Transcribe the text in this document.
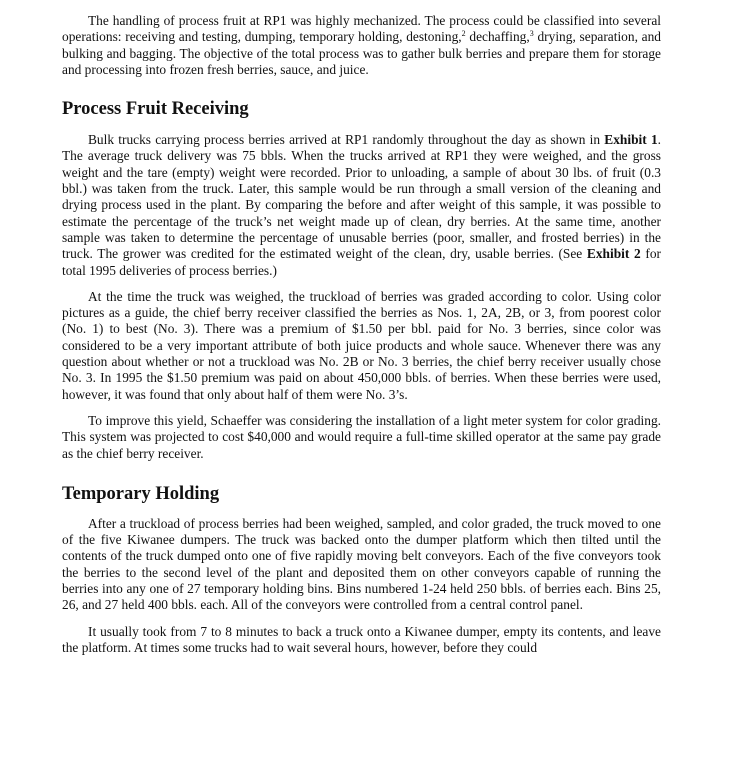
The handling of process fruit at RP1 was highly mechanized. The process could be classified into several operations: receiving and testing, dumping, temporary holding, destoning,$^2$ dechaffing,$^3$ drying, separation, and bulking and bagging. The objective of the total process was to gather bulk berries and prepare them for storage and processing into frozen fresh berries, sauce, and juice.

Process Fruit Receiving

Bulk trucks carrying process berries arrived at RP1 randomly throughout the day as shown in Exhibit 1. The average truck delivery was 75 bbls. When the trucks arrived at RP1 they were weighed, and the gross weight and the tare (empty) weight were recorded. Prior to unloading, a sample of about 30 lbs. of fruit (0.3 bbl.) was taken from the truck. Later, this sample would be run through a small version of the cleaning and drying process used in the plant. By comparing the before and after weight of this sample, it was possible to estimate the percentage of the truck’s net weight made up of clean, dry berries. At the same time, another sample was taken to determine the percentage of unusable berries (poor, smaller, and frosted berries) in the truck. The grower was credited for the estimated weight of the clean, dry, usable berries. (See Exhibit 2 for total 1995 deliveries of process berries.)

At the time the truck was weighed, the truckload of berries was graded according to color. Using color pictures as a guide, the chief berry receiver classified the berries as Nos. 1, 2A, 2B, or 3, from poorest color (No. 1) to best (No. 3). There was a premium of $1.50 per bbl. paid for No. 3 berries, since color was considered to be a very important attribute of both juice products and whole sauce. Whenever there was any question about whether or not a truckload was No. 2B or No. 3 berries, the chief berry receiver usually chose No. 3. In 1995 the $1.50 premium was paid on about 450,000 bbls. of berries. When these berries were used, however, it was found that only about half of them were No. 3’s.

To improve this yield, Schaeffer was considering the installation of a light meter system for color grading. This system was projected to cost $40,000 and would require a full-time skilled operator at the same pay grade as the chief berry receiver.

Temporary Holding

After a truckload of process berries had been weighed, sampled, and color graded, the truck moved to one of the five Kiwanee dumpers. The truck was backed onto the dumper platform which then tilted until the contents of the truck dumped onto one of five rapidly moving belt conveyors. Each of the five conveyors took the berries to the second level of the plant and deposited them on other conveyors capable of running the berries into any one of 27 temporary holding bins. Bins numbered 1-24 held 250 bbls. of berries each. Bins 25, 26, and 27 held 400 bbls. each. All of the conveyors were controlled from a central control panel.

It usually took from 7 to 8 minutes to back a truck onto a Kiwanee dumper, empty its contents, and leave the platform. At times some trucks had to wait several hours, however, before they could
